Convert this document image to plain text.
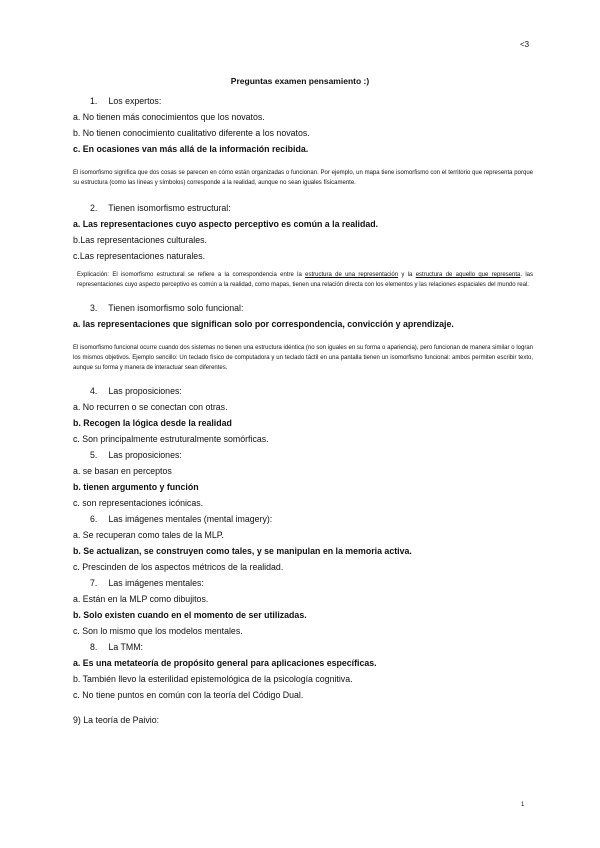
<3
Preguntas examen pensamiento :)
1. Los expertos:
a. No tienen más conocimientos que los novatos.
b. No tienen conocimiento cualitativo diferente a los novatos.
c. En ocasiones van más allá de la información recibida.
El isomorfismo significa que dos cosas se parecen en cómo están organizadas o funcionan. Por ejemplo, un mapa tiene isomorfismo con el territorio que representa porque su estructura (como las líneas y símbolos) corresponde a la realidad, aunque no sean iguales físicamente.
2. Tienen isomorfismo estructural:
a. Las representaciones cuyo aspecto perceptivo es común a la realidad.
b.Las representaciones culturales.
c.Las representaciones naturales.
Explicación: El isomorfismo estructural se refiere a la correspondencia entre la estructura de una representación y la estructura de aquello que representa. las representaciones cuyo aspecto perceptivo es común a la realidad, como mapas, tienen una relación directa con los elementos y las relaciones espaciales del mundo real.
3. Tienen isomorfismo solo funcional:
a. las representaciones que significan solo por correspondencia, convicción y aprendizaje.
El isomorfismo funcional ocurre cuando dos sistemas no tienen una estructura idéntica (no son iguales en su forma o apariencia), pero funcionan de manera similar o logran los mismos objetivos. Ejemplo sencillo: Un teclado físico de computadora y un teclado táctil en una pantalla tienen un isomorfismo funcional: ambos permiten escribir texto, aunque su forma y manera de interactuar sean diferentes.
4. Las proposiciones:
a. No recurren o se conectan con otras.
b. Recogen la lógica desde la realidad
c. Son principalmente estruturalmente somórficas.
5. Las proposiciones:
a. se basan en perceptos
b. tienen argumento y función
c. son representaciones icónicas.
6. Las imágenes mentales (mental imagery):
a. Se recuperan como tales de la MLP.
b. Se actualizan, se construyen como tales, y se manipulan en la memoria activa.
c. Prescinden de los aspectos métricos de la realidad.
7. Las imágenes mentales:
a. Están en la MLP como dibujitos.
b. Solo existen cuando en el momento de ser utilizadas.
c. Son lo mismo que los modelos mentales.
8. La TMM:
a. Es una metateoría de propósito general para aplicaciones específicas.
b. También llevo la esterilidad epistemológica de la psicología cognitiva.
c. No tiene puntos en común con la teoría del Código Dual.
9) La teoría de Paivio:
1
